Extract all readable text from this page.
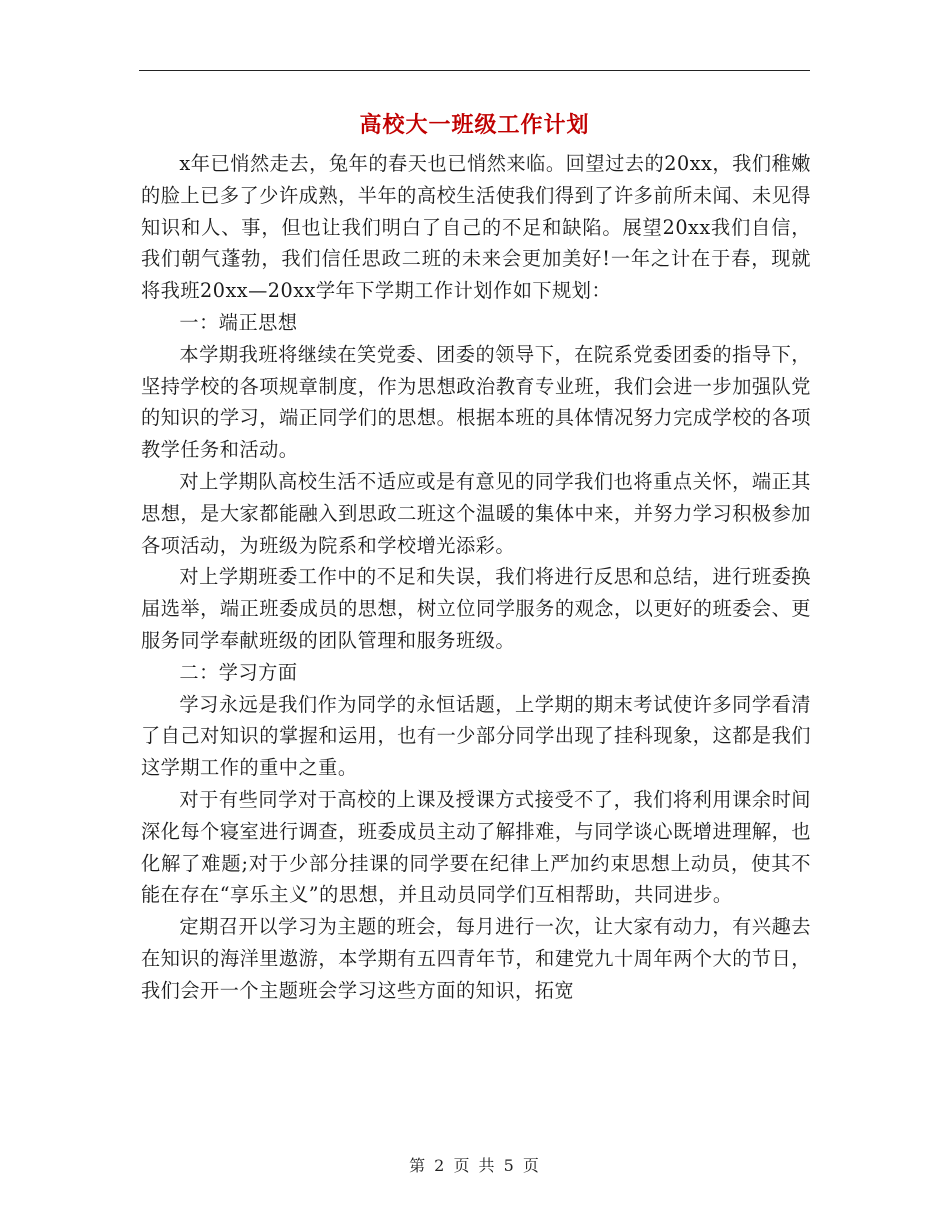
高校大一班级工作计划

x年已悄然走去，兔年的春天也已悄然来临。回望过去的20xx，我们稚嫩的脸上已多了少许成熟，半年的高校生活使我们得到了许多前所未闻、未见得知识和人、事，但也让我们明白了自己的不足和缺陷。展望20xx我们自信，我们朝气蓬勃，我们信任思政二班的未来会更加美好!一年之计在于春，现就将我班20xx—20xx学年下学期工作计划作如下规划：

一：端正思想

本学期我班将继续在笑党委、团委的领导下，在院系党委团委的指导下，坚持学校的各项规章制度，作为思想政治教育专业班，我们会进一步加强队党的知识的学习，端正同学们的思想。根据本班的具体情况努力完成学校的各项教学任务和活动。

对上学期队高校生活不适应或是有意见的同学我们也将重点关怀，端正其思想，是大家都能融入到思政二班这个温暖的集体中来，并努力学习积极参加各项活动，为班级为院系和学校增光添彩。

对上学期班委工作中的不足和失误，我们将进行反思和总结，进行班委换届选举，端正班委成员的思想，树立位同学服务的观念，以更好的班委会、更服务同学奉献班级的团队管理和服务班级。

二：学习方面

学习永远是我们作为同学的永恒话题，上学期的期末考试使许多同学看清了自己对知识的掌握和运用，也有一少部分同学出现了挂科现象，这都是我们这学期工作的重中之重。

对于有些同学对于高校的上课及授课方式接受不了，我们将利用课余时间深化每个寝室进行调查，班委成员主动了解排难，与同学谈心既增进理解，也化解了难题;对于少部分挂课的同学要在纪律上严加约束思想上动员，使其不能在存在“享乐主义”的思想，并且动员同学们互相帮助，共同进步。

定期召开以学习为主题的班会，每月进行一次，让大家有动力，有兴趣去在知识的海洋里遨游，本学期有五四青年节，和建党九十周年两个大的节日，我们会开一个主题班会学习这些方面的知识，拓宽

第 2 页 共 5 页
